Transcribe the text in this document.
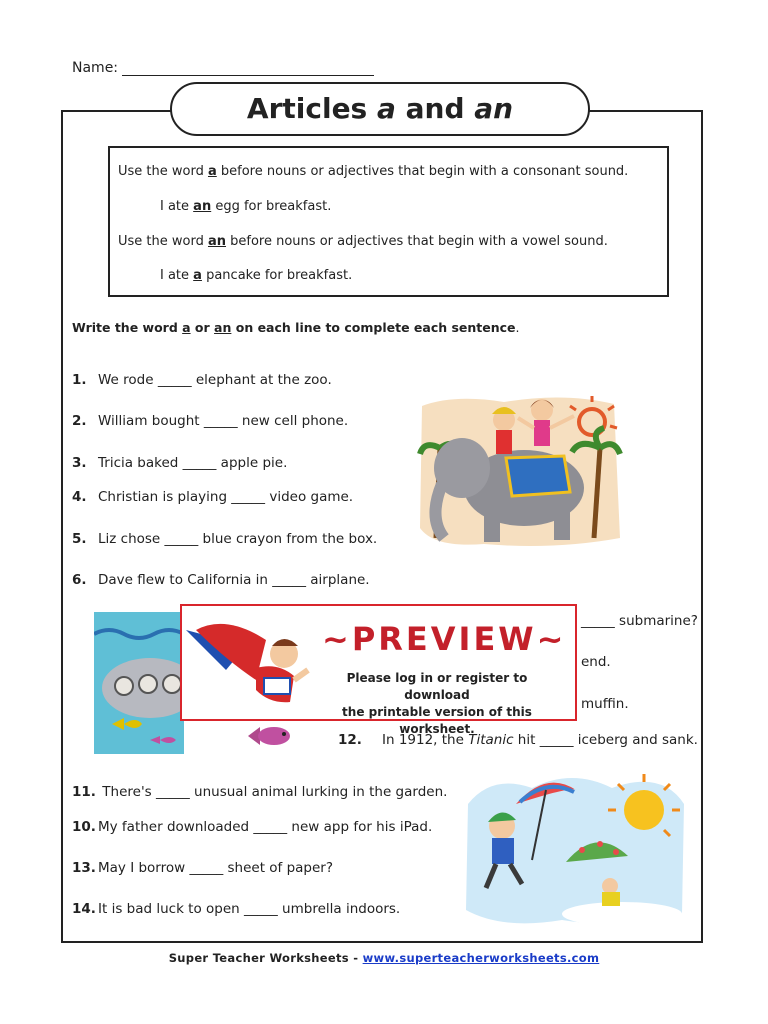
Name:
Articles a and an

Use the word a before nouns or adjectives that begin with a consonant sound.

I ate an egg for breakfast.

Use the word an before nouns or adjectives that begin with a vowel sound.

I ate a pancake for breakfast.

Write the word a or an on each line to complete each sentence.
1. We rode _____ elephant at the zoo.
2. William bought _____ new cell phone.
3. Tricia baked _____ apple pie.
4. Christian is playing _____ video game.
5. Liz chose _____ blue crayon from the box.
6. Dave flew to California in _____ airplane.
_____ submarine?
end.
muffin.
12. In 1912, the Titanic hit _____ iceberg and sank.
11. There's _____ unusual animal lurking in the garden.
10. My father downloaded _____ new app for his iPad.
13. May I borrow _____ sheet of paper?
14. It is bad luck to open _____ umbrella indoors.
~PREVIEW~
Please log in or register to download
the printable version of this worksheet.
Super Teacher Worksheets - www.superteacherworksheets.com
